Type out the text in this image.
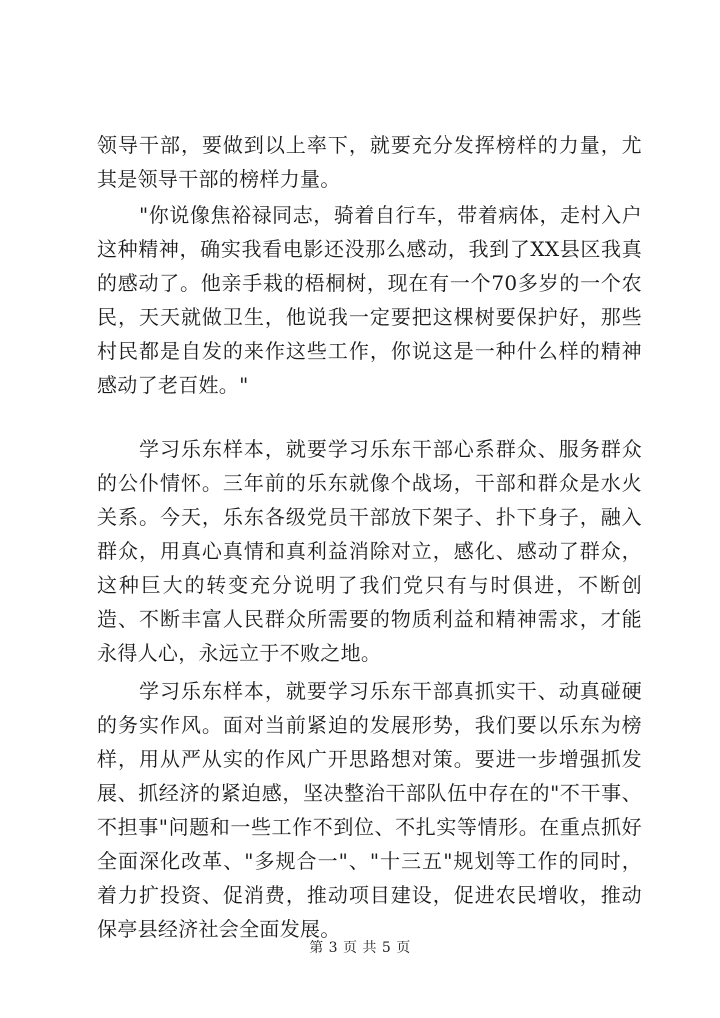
领导干部，要做到以上率下，就要充分发挥榜样的力量，尤其是领导干部的榜样力量。

"你说像焦裕禄同志，骑着自行车，带着病体，走村入户这种精神，确实我看电影还没那么感动，我到了XX县区我真的感动了。他亲手栽的梧桐树，现在有一个70多岁的一个农民，天天就做卫生，他说我一定要把这棵树要保护好，那些村民都是自发的来作这些工作，你说这是一种什么样的精神感动了老百姓。"

学习乐东样本，就要学习乐东干部心系群众、服务群众的公仆情怀。三年前的乐东就像个战场，干部和群众是水火关系。今天，乐东各级党员干部放下架子、扑下身子，融入群众，用真心真情和真利益消除对立，感化、感动了群众，这种巨大的转变充分说明了我们党只有与时俱进，不断创造、不断丰富人民群众所需要的物质利益和精神需求，才能永得人心，永远立于不败之地。

学习乐东样本，就要学习乐东干部真抓实干、动真碰硬的务实作风。面对当前紧迫的发展形势，我们要以乐东为榜样，用从严从实的作风广开思路想对策。要进一步增强抓发展、抓经济的紧迫感，坚决整治干部队伍中存在的"不干事、不担事"问题和一些工作不到位、不扎实等情形。在重点抓好全面深化改革、"多规合一"、"十三五"规划等工作的同时，着力扩投资、促消费，推动项目建设，促进农民增收，推动保亭县经济社会全面发展。

第 3 页 共 5 页
